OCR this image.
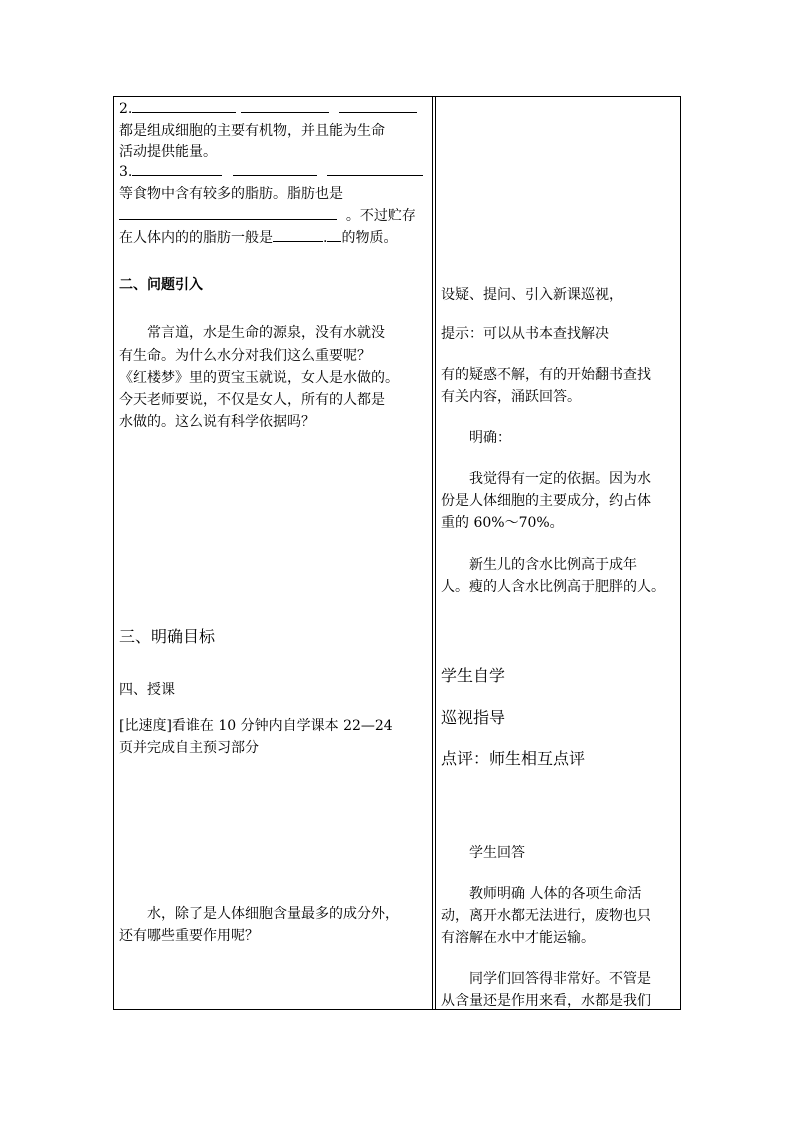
2.

都是组成细胞的主要有机物，并且能为生命

活动提供能量。

3.

等食物中含有较多的脂肪。脂肪也是

。不过贮存

在人体内的的脂肪一般是	. 的物质。

二、问题引入

常言道，水是生命的源泉，没有水就没

有生命。为什么水分对我们这么重要呢？

《红楼梦》里的贾宝玉就说，女人是水做的。

今天老师要说，不仅是女人，所有的人都是

水做的。这么说有科学依据吗？

三、明确目标

四、授课

[比速度]看谁在 10 分钟内自学课本 22—24

页并完成自主预习部分

水，除了是人体细胞含量最多的成分外，

还有哪些重要作用呢？

设疑、提问、引入新课巡视，

提示：可以从书本查找解决

有的疑惑不解，有的开始翻书查找

有关内容，涌跃回答。

明确：

我觉得有一定的依据。因为水

份是人体细胞的主要成分，约占体

重的 60%～70%。

新生儿的含水比例高于成年

人。瘦的人含水比例高于肥胖的人。

学生自学

巡视指导

点评：师生相互点评

学生回答

教师明确 人体的各项生命活

动，离开水都无法进行，废物也只

有溶解在水中才能运输。

同学们回答得非常好。不管是

从含量还是作用来看，水都是我们
